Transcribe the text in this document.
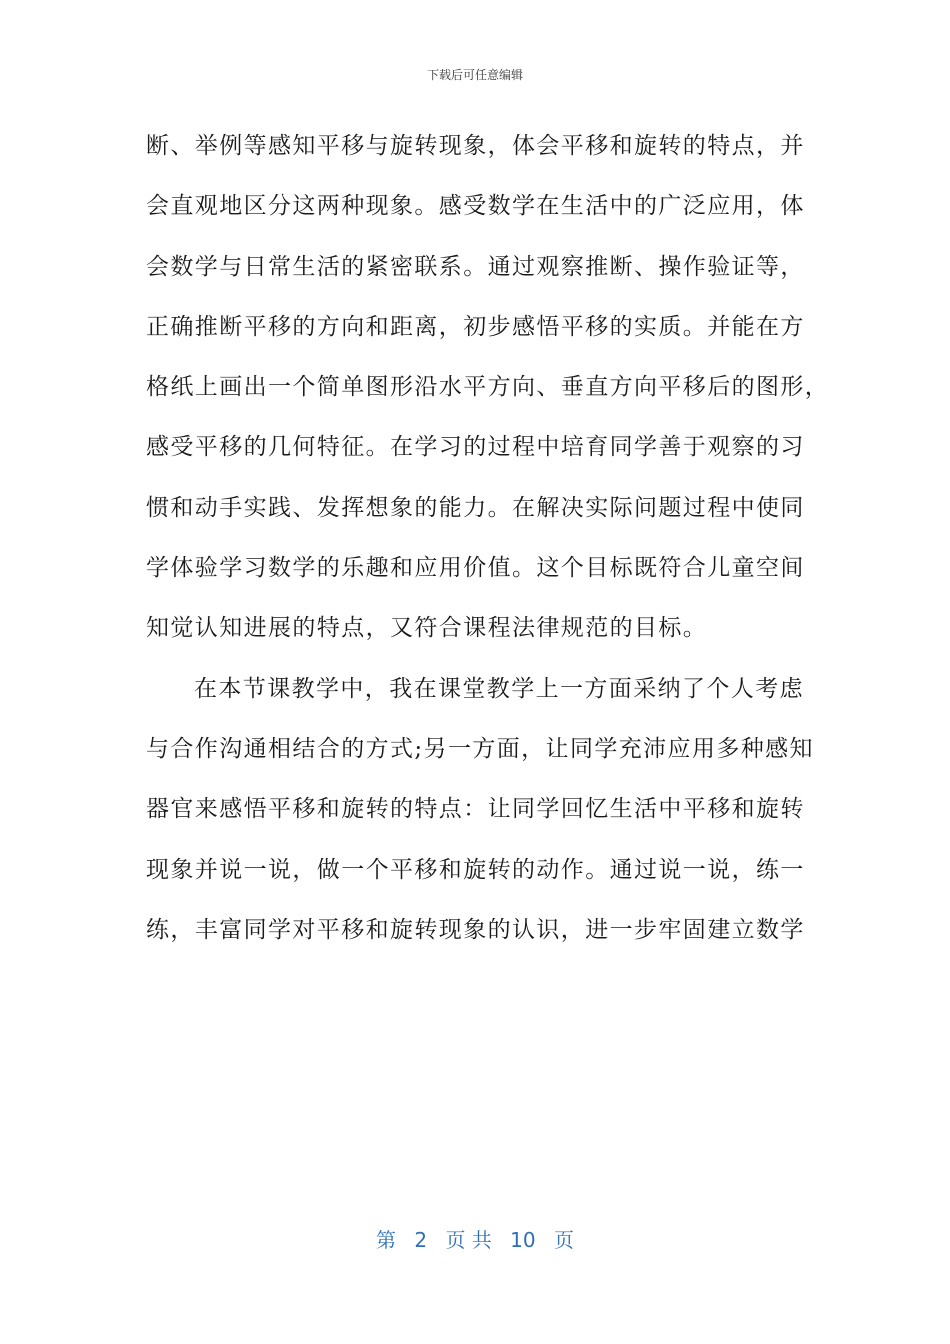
下载后可任意编辑
断、举例等感知平移与旋转现象，体会平移和旋转的特点，并
会直观地区分这两种现象。感受数学在生活中的广泛应用，体
会数学与日常生活的紧密联系。通过观察推断、操作验证等，
正确推断平移的方向和距离，初步感悟平移的实质。并能在方
格纸上画出一个简单图形沿水平方向、垂直方向平移后的图形，
感受平移的几何特征。在学习的过程中培育同学善于观察的习
惯和动手实践、发挥想象的能力。在解决实际问题过程中使同
学体验学习数学的乐趣和应用价值。这个目标既符合儿童空间
知觉认知进展的特点，又符合课程法律规范的目标。
在本节课教学中，我在课堂教学上一方面采纳了个人考虑
与合作沟通相结合的方式;另一方面，让同学充沛应用多种感知
器官来感悟平移和旋转的特点：让同学回忆生活中平移和旋转
现象并说一说，做一个平移和旋转的动作。通过说一说，练一
练，丰富同学对平移和旋转现象的认识，进一步牢固建立数学
第 2 页 共 10 页
